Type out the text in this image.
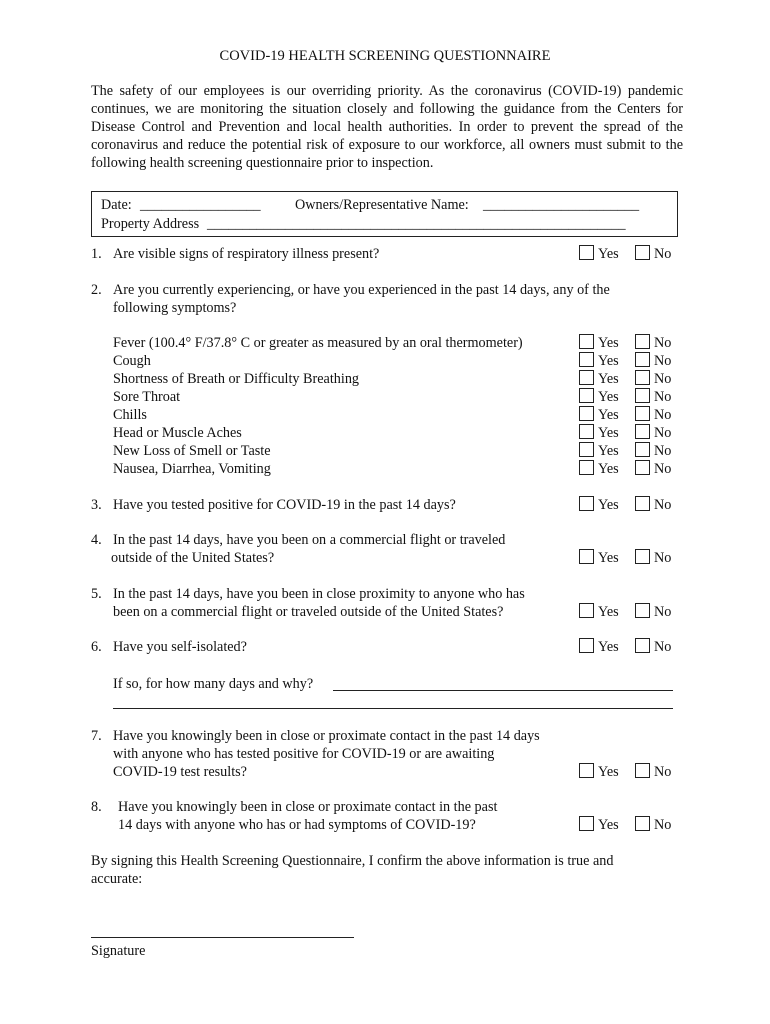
COVID-19 HEALTH SCREENING QUESTIONNAIRE
The safety of our employees is our overriding priority. As the coronavirus (COVID-19) pandemic continues, we are monitoring the situation closely and following the guidance from the Centers for Disease Control and Prevention and local health authorities. In order to prevent the spread of the coronavirus and reduce the potential risk of exposure to our workforce, all owners must submit to the following health screening questionnaire prior to inspection.
Date: _________________ Owners/Representative Name: ______________________
Property Address ___________________________________________________________
1. Are visible signs of respiratory illness present?
2. Are you currently experiencing, or have you experienced in the past 14 days, any of the
following symptoms?
Fever (100.4° F/37.8° C or greater as measured by an oral thermometer)
Cough
Shortness of Breath or Difficulty Breathing
Sore Throat
Chills
Head or Muscle Aches
New Loss of Smell or Taste
Nausea, Diarrhea, Vomiting
3. Have you tested positive for COVID-19 in the past 14 days?
4. In the past 14 days, have you been on a commercial flight or traveled
outside of the United States?
5. In the past 14 days, have you been in close proximity to anyone who has
been on a commercial flight or traveled outside of the United States?
6. Have you self-isolated?
If so, for how many days and why?
7. Have you knowingly been in close or proximate contact in the past 14 days
with anyone who has tested positive for COVID-19 or are awaiting
COVID-19 test results?
8. Have you knowingly been in close or proximate contact in the past
14 days with anyone who has or had symptoms of COVID-19?
By signing this Health Screening Questionnaire, I confirm the above information is true and
accurate:
Signature
Yes No
Yes No
Yes No
Yes No
Yes No
Yes No
Yes No
Yes No
Yes No
Yes No
Yes No
Yes No
Yes No
Yes No
Yes No
